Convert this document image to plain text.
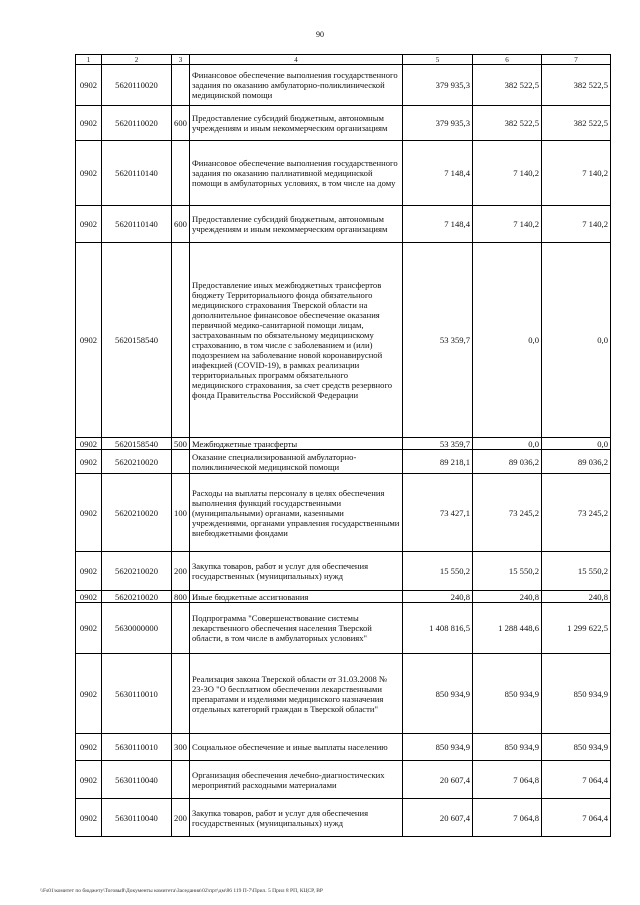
90
1	2	3	4	5	6	7
0902	5620110020		Финансовое обеспечение выполнения государственного задания по оказанию амбулаторно-поликлинической медицинской помощи	379 935,3	382 522,5	382 522,5
0902	5620110020	600	Предоставление субсидий бюджетным, автономным учреждениям и иным некоммерческим организациям	379 935,3	382 522,5	382 522,5
0902	5620110140		Финансовое обеспечение выполнения государственного задания по оказанию паллиативной медицинской помощи в амбулаторных условиях, в том числе на дому	7 148,4	7 140,2	7 140,2
0902	5620110140	600	Предоставление субсидий бюджетным, автономным учреждениям и иным некоммерческим организациям	7 148,4	7 140,2	7 140,2
0902	5620158540		Предоставление иных межбюджетных трансфертов бюджету Территориального фонда обязательного медицинского страхования Тверской области на дополнительное финансовое обеспечение оказания первичной медико-санитарной помощи лицам, застрахованным по обязательному медицинскому страхованию, в том числе с заболеванием и (или) подозрением на заболевание новой коронавирусной инфекцией (COVID-19), в рамках реализации территориальных программ обязательного медицинского страхования, за счет средств резервного фонда Правительства Российской Федерации	53 359,7	0,0	0,0
0902	5620158540	500	Межбюджетные трансферты	53 359,7	0,0	0,0
0902	5620210020		Оказание специализированной амбулаторно-поликлинической медицинской помощи	89 218,1	89 036,2	89 036,2
0902	5620210020	100	Расходы на выплаты персоналу в целях обеспечения выполнения функций государственными (муниципальными) органами, казенными учреждениями, органами управления государственными внебюджетными фондами	73 427,1	73 245,2	73 245,2
0902	5620210020	200	Закупка товаров, работ и услуг для обеспечения государственных (муниципальных) нужд	15 550,2	15 550,2	15 550,2
0902	5620210020	800	Иные бюджетные ассигнования	240,8	240,8	240,8
0902	5630000000		Подпрограмма "Совершенствование системы лекарственного обеспечения населения Тверской области, в том числе в амбулаторных условиях"	1 408 816,5	1 288 448,6	1 299 622,5
0902	5630110010		Реализация закона Тверской области от 31.03.2008 № 23-ЗО "О бесплатном обеспечении лекарственными препаратами и изделиями медицинского назначения отдельных категорий граждан в Тверской области"	850 934,9	850 934,9	850 934,9
0902	5630110010	300	Социальное обеспечение и иные выплаты населению	850 934,9	850 934,9	850 934,9
0902	5630110040		Организация обеспечения лечебно-диагностических мероприятий расходными материалами	20 607,4	7 064,8	7 064,4
0902	5630110040	200	Закупка товаров, работ и услуг для обеспечения государственных (муниципальных) нужд	20 607,4	7 064,8	7 064,4
\\Fs01\комитет по бюджету\Тоговый\Документы комитета\Заседания\02\прт\дм\86 119 П-7\Прил. 5 Прил 8 РП, КЦСР, ВР
